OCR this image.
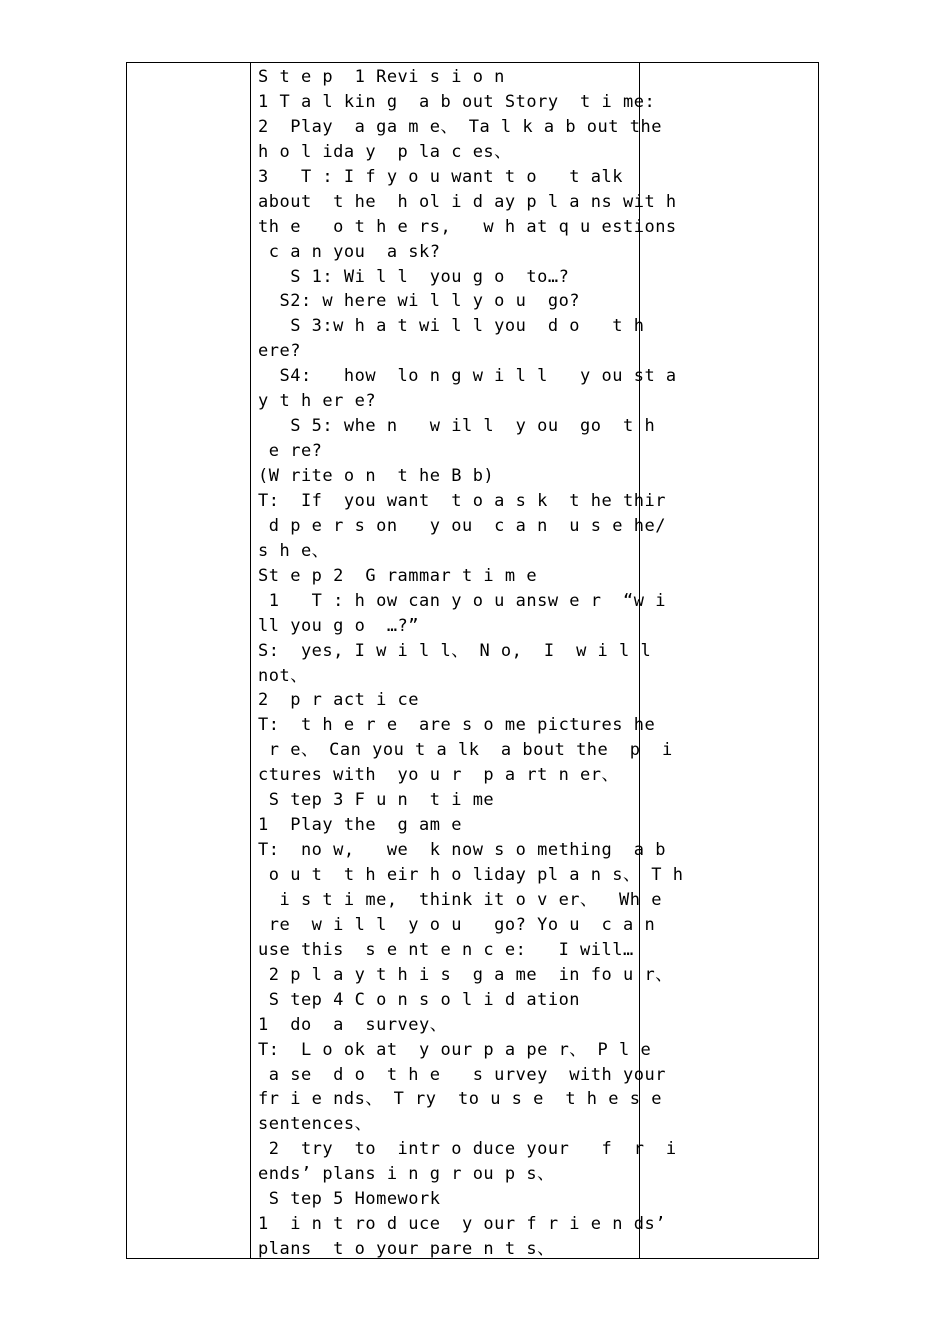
S t e p  1 Revi s i o n
1 T a l kin g  a b out Story  t i me:
2  Play  a ga m e、 Ta l k a b out the
h o l ida y  p la c es、
3   T : I f y o u want t o   t alk
about  t he  h ol i d ay p l a ns wit h
th e   o t h e rs,   w h at q u estions
c a n you  a sk?
S 1: Wi l l  you g o  to…?
S2: w here wi l l y o u  go?
S 3:w h a t wi l l you  d o   t h
ere?
S4:   how  lo n g w i l l   y ou st a
y t h er e?
S 5: whe n   w il l  y ou  go  t h
e re?
(W rite o n  t he B b)
T:  If  you want  t o a s k  t he thir
d p e r s on   y ou  c a n  u s e he/
s h e、
St e p 2  G rammar t i m e
1   T : h ow can y o u answ e r  “w i
ll you g o  …?”
S:  yes, I w i l l、 N o,  I  w i l l
not、
2  p r act i ce
T:  t h e r e  are s o me pictures he
r e、 Can you t a lk  a bout the  p  i
ctures with  yo u r  p a rt n er、
S tep 3 F u n  t i me
1  Play the  g am e
T:  no w,   we  k now s o mething  a b
o u t  t h eir h o liday pl a n s、 T h
i s t i me,  think it o v er、  Wh e
re  w i l l  y o u   go? Yo u  c a n
use this  s e nt e n c e:   I will…
2 p l a y t h i s  g a me  in fo u r、
S tep 4 C o n s o l i d ation
1  do  a  survey、
T:  L o ok at  y our p a pe r、 P l e
a se  d o  t h e   s urvey  with your
fr i e nds、 T ry  to u s e  t h e s e
sentences、
2  try  to  intr o duce your   f  r  i
ends’ plans i n g r ou p s、
S tep 5 Homework
1  i n t ro d uce  y our f r i e n ds’
plans  t o your pare n t s、
